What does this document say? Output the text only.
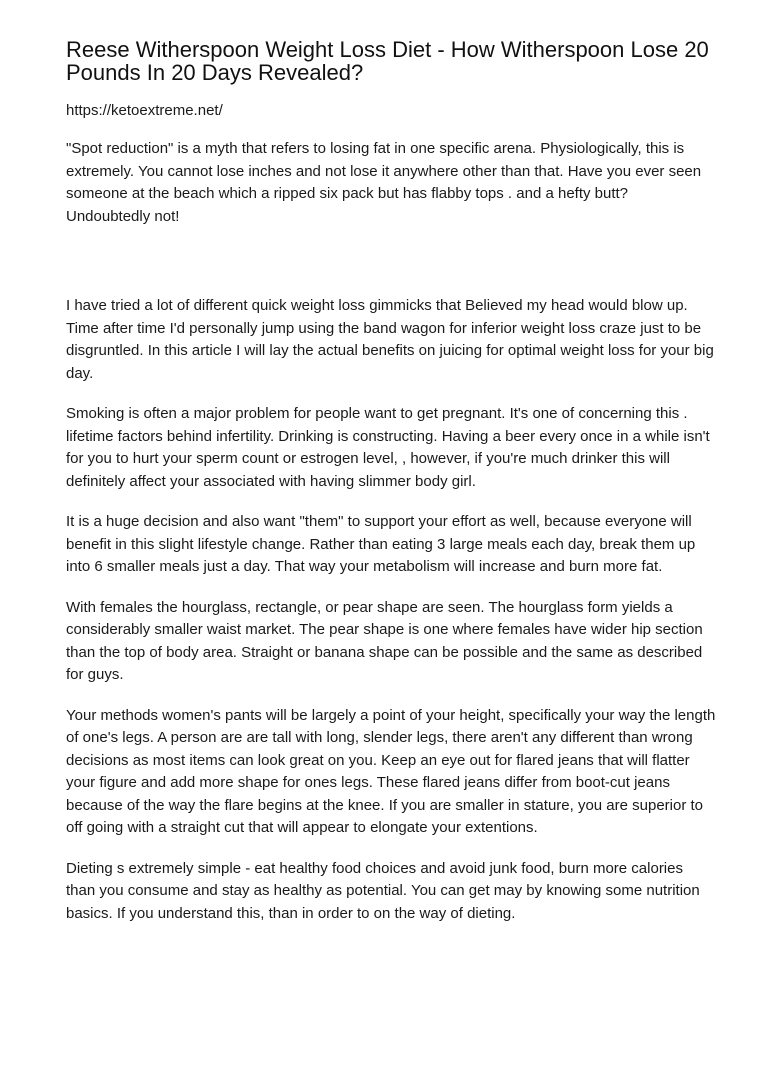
Reese Witherspoon Weight Loss Diet - How Witherspoon Lose 20 Pounds In 20 Days Revealed?

https://ketoextreme.net/

"Spot reduction" is a myth that refers to losing fat in one specific arena. Physiologically, this is extremely. You cannot lose inches and not lose it anywhere other than that. Have you ever seen someone at the beach which a ripped six pack but has flabby tops . and a hefty butt? Undoubtedly not!

I have tried a lot of different quick weight loss gimmicks that Believed my head would blow up. Time after time I'd personally jump using the band wagon for inferior weight loss craze just to be disgruntled. In this article I will lay the actual benefits on juicing for optimal weight loss for your big day.

Smoking is often a major problem for people want to get pregnant. It's one of concerning this . lifetime factors behind infertility. Drinking is constructing. Having a beer every once in a while isn't for you to hurt your sperm count or estrogen level, , however, if you're much drinker this will definitely affect your associated with having slimmer body girl.

It is a huge decision and also want "them" to support your effort as well, because everyone will benefit in this slight lifestyle change. Rather than eating 3 large meals each day, break them up into 6 smaller meals just a day. That way your metabolism will increase and burn more fat.

With females the hourglass, rectangle, or pear shape are seen. The hourglass form yields a considerably smaller waist market. The pear shape is one where females have wider hip section than the top of body area. Straight or banana shape can be possible and the same as described for guys.

Your methods women's pants will be largely a point of your height, specifically your way the length of one's legs. A person are are tall with long, slender legs, there aren't any different than wrong decisions as most items can look great on you. Keep an eye out for flared jeans that will flatter your figure and add more shape for ones legs. These flared jeans differ from boot-cut jeans because of the way the flare begins at the knee. If you are smaller in stature, you are superior to off going with a straight cut that will appear to elongate your extentions.

Dieting s extremely simple - eat healthy food choices and avoid junk food, burn more calories than you consume and stay as healthy as potential. You can get may by knowing some nutrition basics. If you understand this, than in order to on the way of dieting.
